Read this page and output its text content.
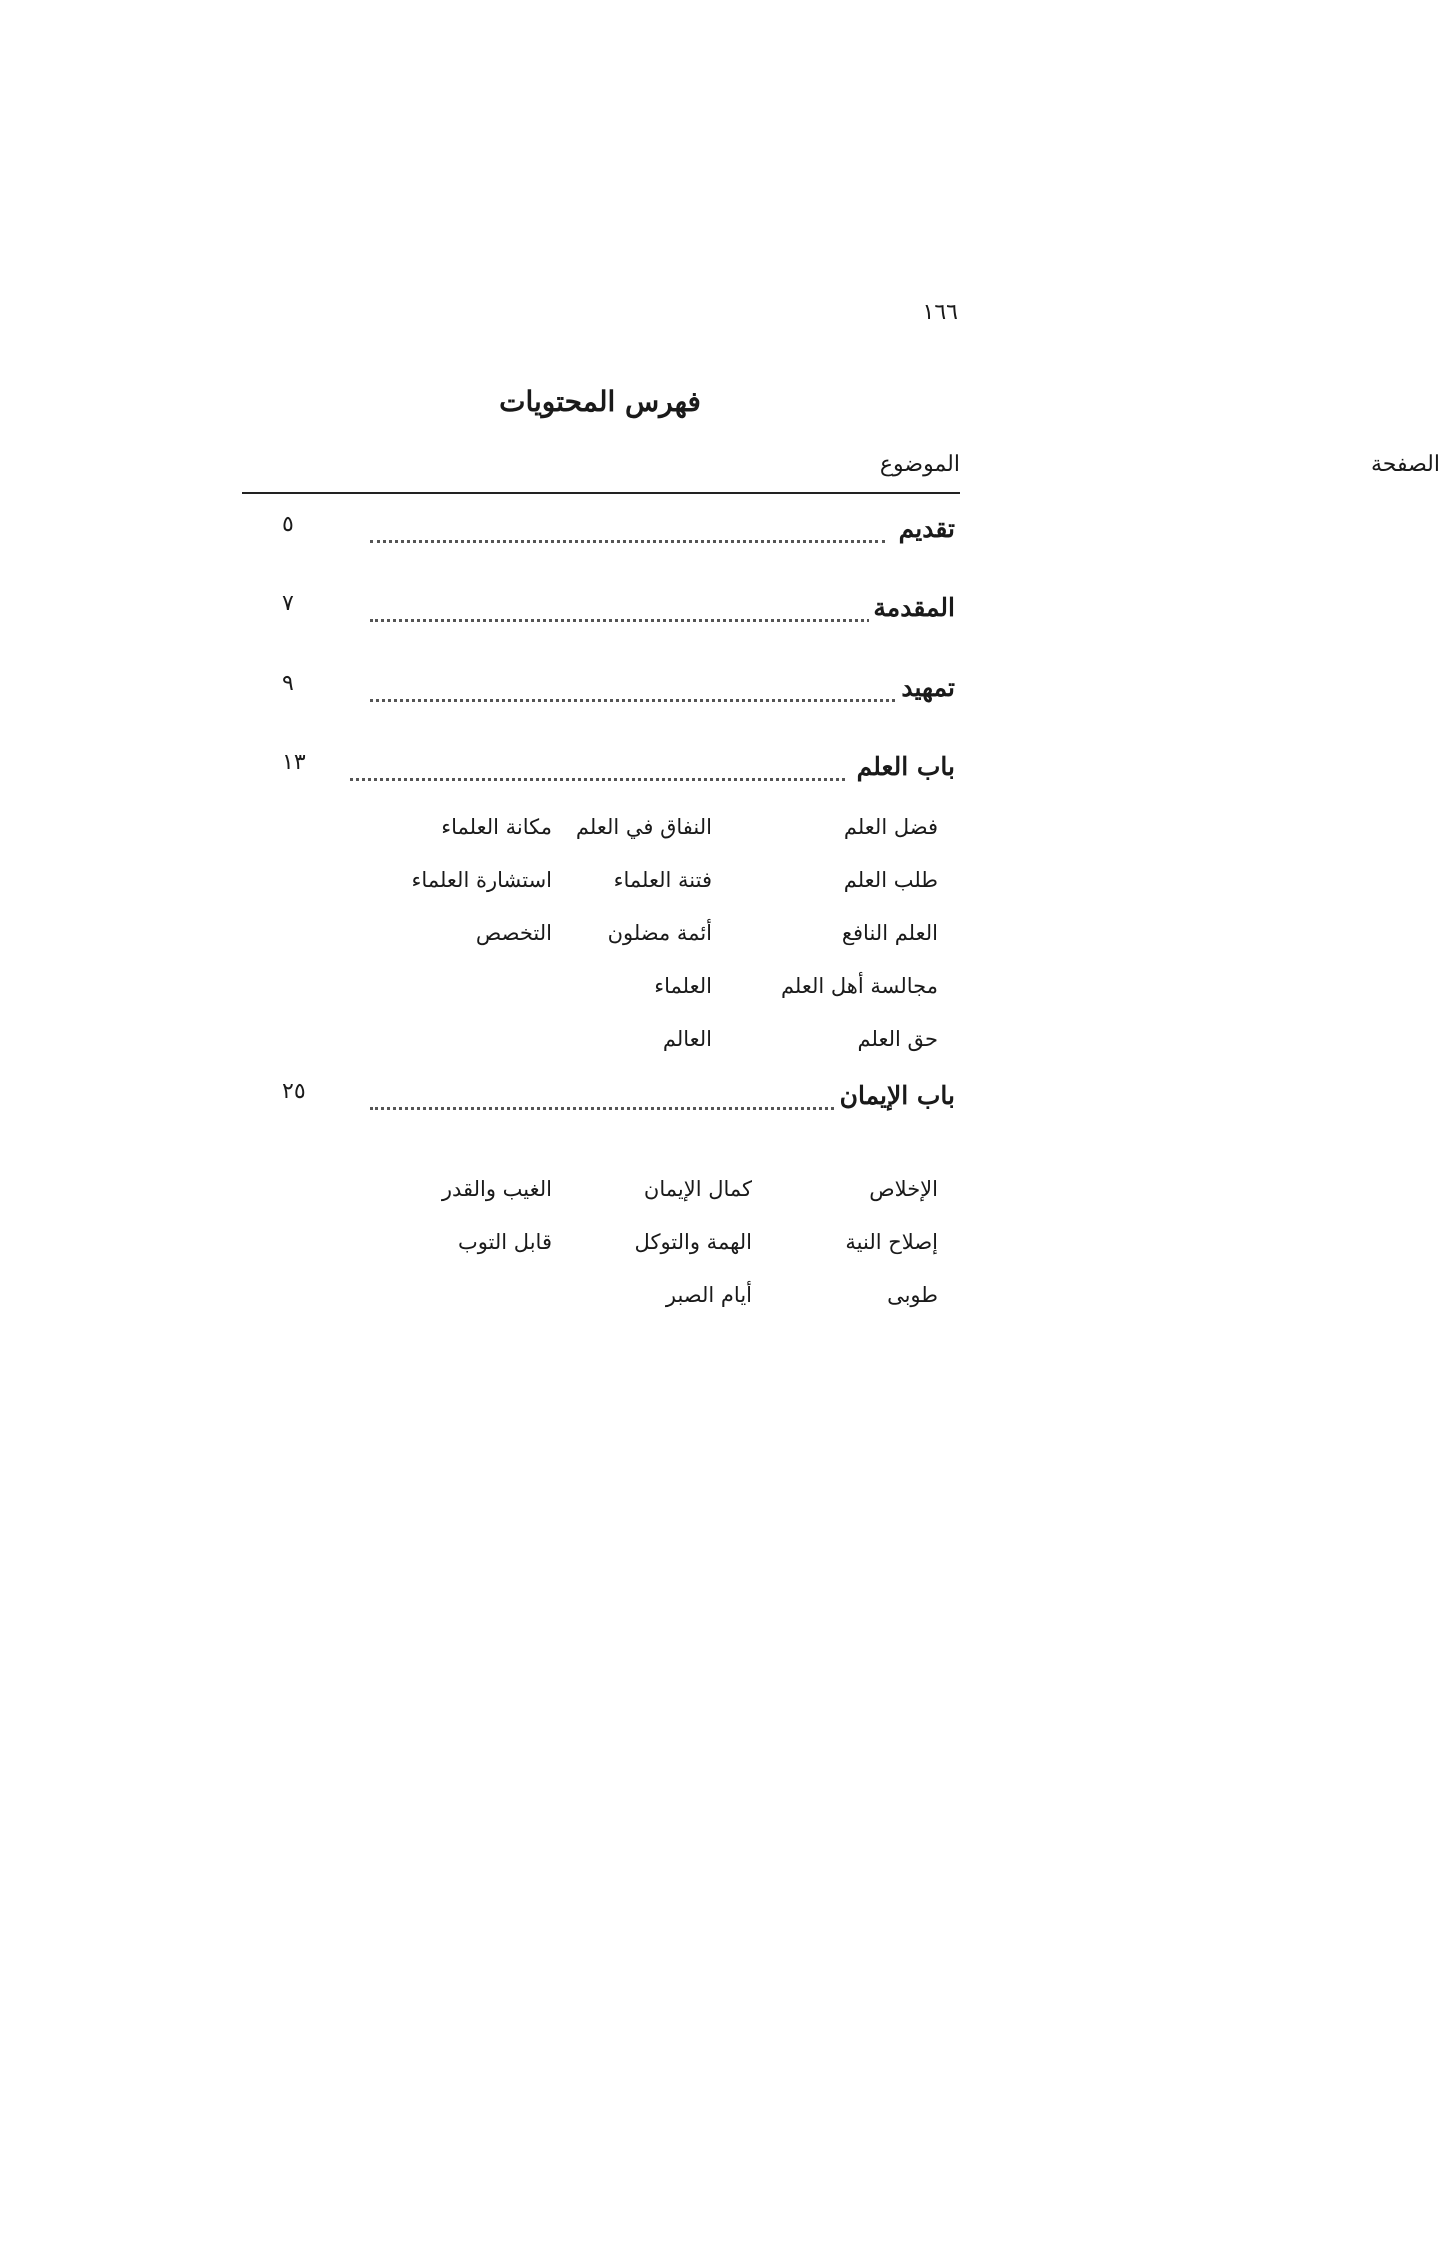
١٦٦
فهرس المحتويات
الموضوع	الصفحة
تقديم
٥
المقدمة
٧
تمهيد
٩
باب العلم
١٣
فضل العلم
طلب العلم
العلم النافع
مجالسة أهل العلم
حق العلم
النفاق في العلم
فتنة العلماء
أئمة مضلون
العلماء
العالم
مكانة العلماء
استشارة العلماء
التخصص
باب الإيمان
٢٥
الإخلاص
إصلاح النية
طوبى
كمال الإيمان
الهمة والتوكل
أيام الصبر
الغيب والقدر
قابل التوب
